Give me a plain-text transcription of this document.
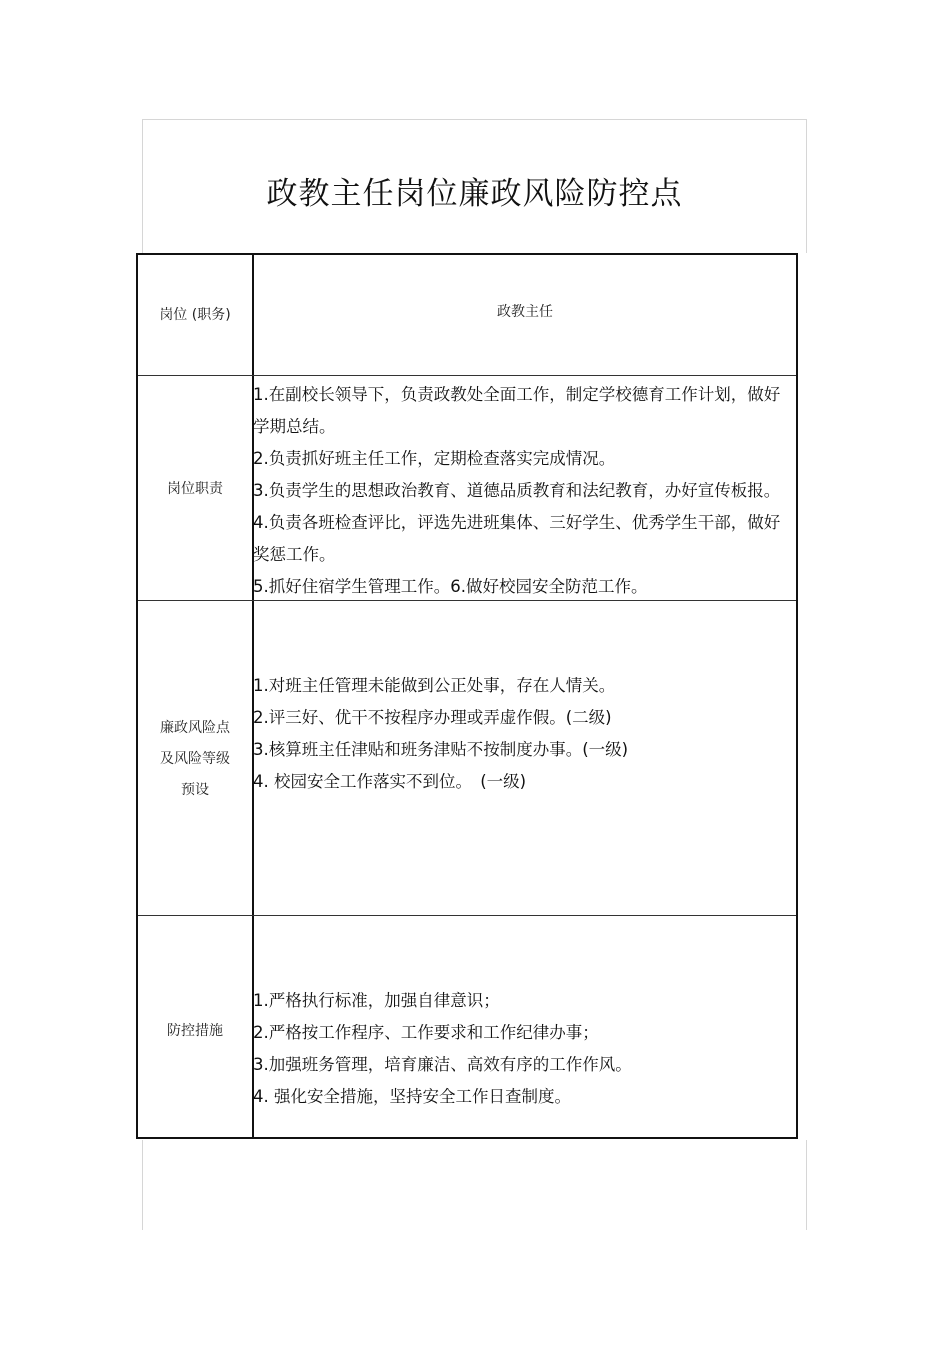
政教主任岗位廉政风险防控点
岗位 (职务)	政教主任
岗位职责
1.在副校长领导下，负责政教处全面工作，制定学校德育工作计划，做好
学期总结。
2.负责抓好班主任工作，定期检查落实完成情况。
3.负责学生的思想政治教育、道德品质教育和法纪教育，办好宣传板报。
4.负责各班检查评比，评选先进班集体、三好学生、优秀学生干部，做好
奖惩工作。
5.抓好住宿学生管理工作。6.做好校园安全防范工作。
廉政风险点
及风险等级
预设
1.对班主任管理未能做到公正处事，存在人情关。
2.评三好、优干不按程序办理或弄虚作假。(二级)
3.核算班主任津贴和班务津贴不按制度办事。(一级)
4. 校园安全工作落实不到位。　(一级)
防控措施
1.严格执行标准，加强自律意识；
2.严格按工作程序、工作要求和工作纪律办事；
3.加强班务管理，培育廉洁、高效有序的工作作风。
4. 强化安全措施，坚持安全工作日查制度。
